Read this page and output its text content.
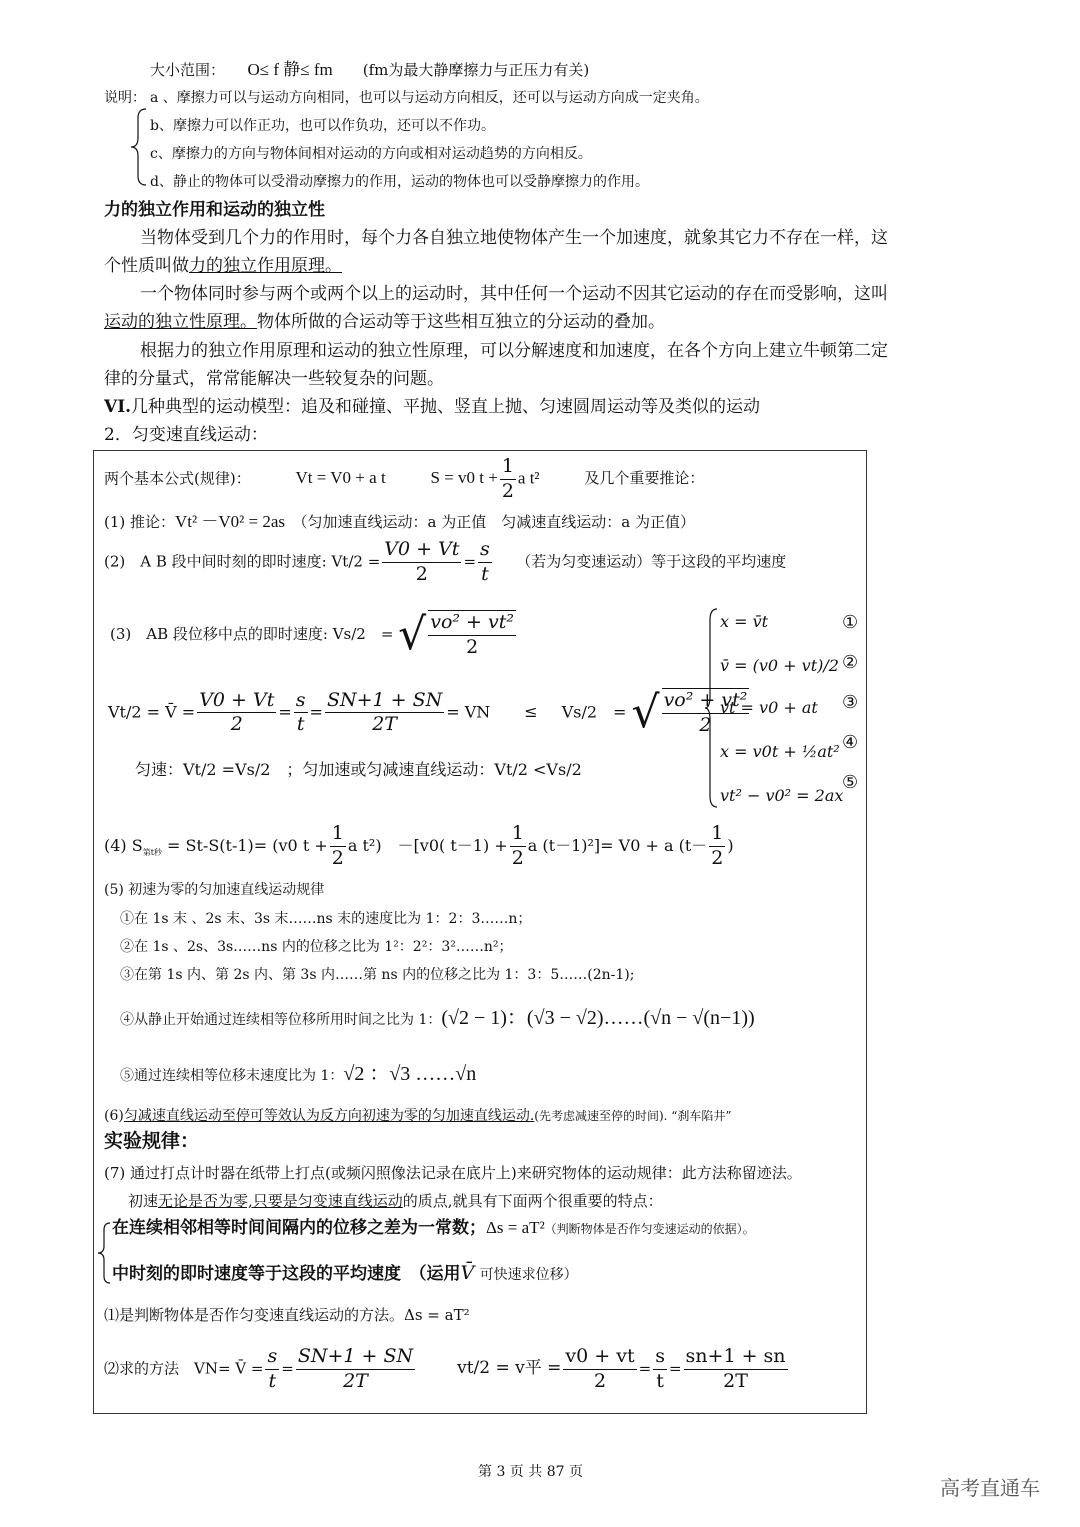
大小范围：　　 O≤ f 静≤ fm　　 (fm为最大静摩擦力与正压力有关)
说明： a 、摩擦力可以与运动方向相同，也可以与运动方向相反，还可以与运动方向成一定夹角。
b、摩擦力可以作正功，也可以作负功，还可以不作功。
c、摩擦力的方向与物体间相对运动的方向或相对运动趋势的方向相反。
d、静止的物体可以受滑动摩擦力的作用，运动的物体也可以受静摩擦力的作用。
力的独立作用和运动的独立性
当物体受到几个力的作用时，每个力各自独立地使物体产生一个加速度，就象其它力不存在一样，这
个性质叫做力的独立作用原理。
一个物体同时参与两个或两个以上的运动时，其中任何一个运动不因其它运动的存在而受影响，这叫
运动的独立性原理。物体所做的合运动等于这些相互独立的分运动的叠加。
根据力的独立作用原理和运动的独立性原理，可以分解速度和加速度，在各个方向上建立牛顿第二定
律的分量式，常常能解决一些较复杂的问题。
VI.几种典型的运动模型：追及和碰撞、平抛、竖直上抛、匀速圆周运动等及类似的运动
2．匀变速直线运动：
两个基本公式(规律)：	Vt = V0 + a t	S = v0 $t + \frac{1}{2}$ a t²	及几个重要推论：
(1) 推论：Vt² －V0² = 2as　 （匀加速直线运动：a 为正值　匀减速直线运动：a 为正值）
(2)　A B 段中间时刻的即时速度: $Vt/2 = \frac{V0 + Vt}{2} = \frac{s}{t}$
　　 （若为匀变速运动）等于这段的平均速度
(3)　AB 段位移中点的即时速度: Vs/2　= √ $\frac{\text{vo² + vt²}}{2}$
Vt/2 = V̄ = $\frac{V0 + Vt}{2} = \frac{s}{t} = \frac{SN+1 + SN}{2T}$ = VN ≤ Vs/2　= √ $\frac{\text{vo² + vt²}}{2}$
匀速：Vt/2 =Vs/2　；匀加速或匀减速直线运动：Vt/2 <Vs/2
x = v̄t
v̄ = (v0 + vt)/2
vt = v0 + at
x = v0t + ½at²
vt² − v0² = 2ax
①
②
③
④
⑤
(4) $S_{第t秒} = St-S(t-1)= (v0$ $t + \frac{1}{2}$ a t²)　－[v0( $t-1) + \frac{1}{2}$ a (t－1)²]= V0 + a ($t- \frac{1}{2}$ )
(5) 初速为零的匀加速直线运动规律
①在 1s 末 、2s 末、3s 末……ns 末的速度比为 1：2：3……n；
②在 1s 、2s、3s……ns 内的位移之比为 1²：2²：3²……n²；
③在第 1s 内、第 2s 内、第 3s 内……第 ns 内的位移之比为 1：3：5……(2n-1);
④从静止开始通过连续相等位移所用时间之比为 1：(√2 − 1)：(√3 − √2)……(√n − √(n−1))
⑤通过连续相等位移末速度比为 1：√2 ：√3 ……√n
(6)匀减速直线运动至停可等效认为反方向初速为零的匀加速直线运动.(先考虑减速至停的时间). “刹车陷井”
实验规律：
(7) 通过打点计时器在纸带上打点(或频闪照像法记录在底片上)来研究物体的运动规律：此方法称留迹法。
初速无论是否为零,只要是匀变速直线运动的质点,就具有下面两个很重要的特点：
在连续相邻相等时间间隔内的位移之差为一常数；Δs = aT²（判断物体是否作匀变速运动的依据）。
中时刻的即时速度等于这段的平均速度　（运用V̄ 可快速求位移）
⑴是判断物体是否作匀变速直线运动的方法。Δs = aT²
⑵求的方法　VN= V̄ = $\frac{s}{t} = \frac{SN+1 + SN}{2T} vt/2 = v$平 = $\frac{v0 + vt}{2} = \frac{s}{t} = \frac{sn+1 + sn}{2T}$
第 3 页 共 87 页
高考直通车
